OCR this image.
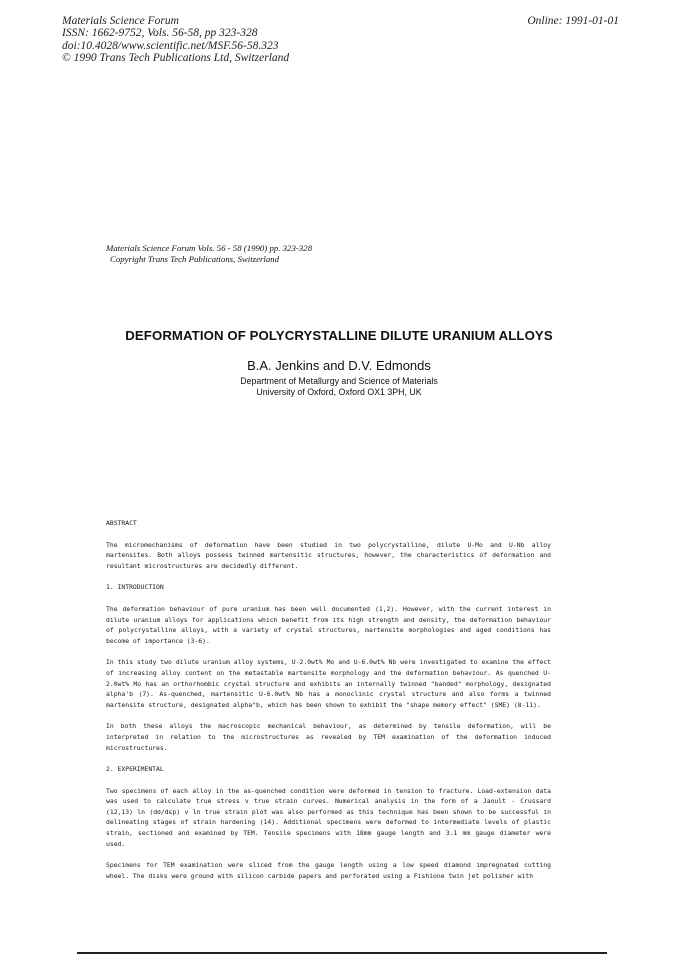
Materials Science Forum
ISSN: 1662-9752, Vols. 56-58, pp 323-328
doi:10.4028/www.scientific.net/MSF.56-58.323
© 1990 Trans Tech Publications Ltd, Switzerland
Online: 1991-01-01
Materials Science Forum Vols. 56 - 58 (1990) pp. 323-328
Copyright Trans Tech Publications, Switzerland
DEFORMATION OF POLYCRYSTALLINE DILUTE URANIUM ALLOYS
B.A. Jenkins and D.V. Edmonds
Department of Metallurgy and Science of Materials
University of Oxford, Oxford OX1 3PH, UK
ABSTRACT

The micromechanisms of deformation have been studied in two polycrystalline, dilute U-Mo and U-Nb alloy martensites. Both alloys possess twinned martensitic structures, however, the characteristics of deformation and resultant microstructures are decidedly different.

1. INTRODUCTION

The deformation behaviour of pure uranium has been well documented (1,2). However, with the current interest in dilute uranium alloys for applications which benefit from its high strength and density, the deformation behaviour of polycrystalline alloys, with a variety of crystal structures, martensite morphologies and aged conditions has become of importance (3-6).

In this study two dilute uranium alloy systems, U-2.0wt% Mo and U-6.0wt% Nb were investigated to examine the effect of increasing alloy content on the metastable martensite morphology and the deformation behaviour. As quenched U-2.0wt% Mo has an orthorhombic crystal structure and exhibits an internally twinned "banded" morphology, designated alpha'b (7). As-quenched, martensitic U-6.0wt% Nb has a monoclinic crystal structure and also forms a twinned martensite structure, designated alpha"b, which has been shown to exhibit the "shape memory effect" (SME) (8-11).

In both these alloys the macroscopic mechanical behaviour, as determined by tensile deformation, will be interpreted in relation to the microstructures as revealed by TEM examination of the deformation induced microstructures.

2. EXPERIMENTAL

Two specimens of each alloy in the as-quenched condition were deformed in tension to fracture. Load-extension data was used to calculate true stress v true strain curves. Numerical analysis in the form of a Jaoult - Crussard (12,13) ln (dσ/dεp) v ln true strain plot was also performed as this technique has been shown to be successful in delineating stages of strain hardening (14). Additional specimens were deformed to intermediate levels of plastic strain, sectioned and examined by TEM. Tensile specimens with 18mm gauge length and 3.1 mm gauge diameter were used.

Specimens for TEM examination were sliced from the gauge length using a low speed diamond impregnated cutting wheel. The disks were ground with silicon carbide papers and perforated using a Fishione twin jet polisher with
